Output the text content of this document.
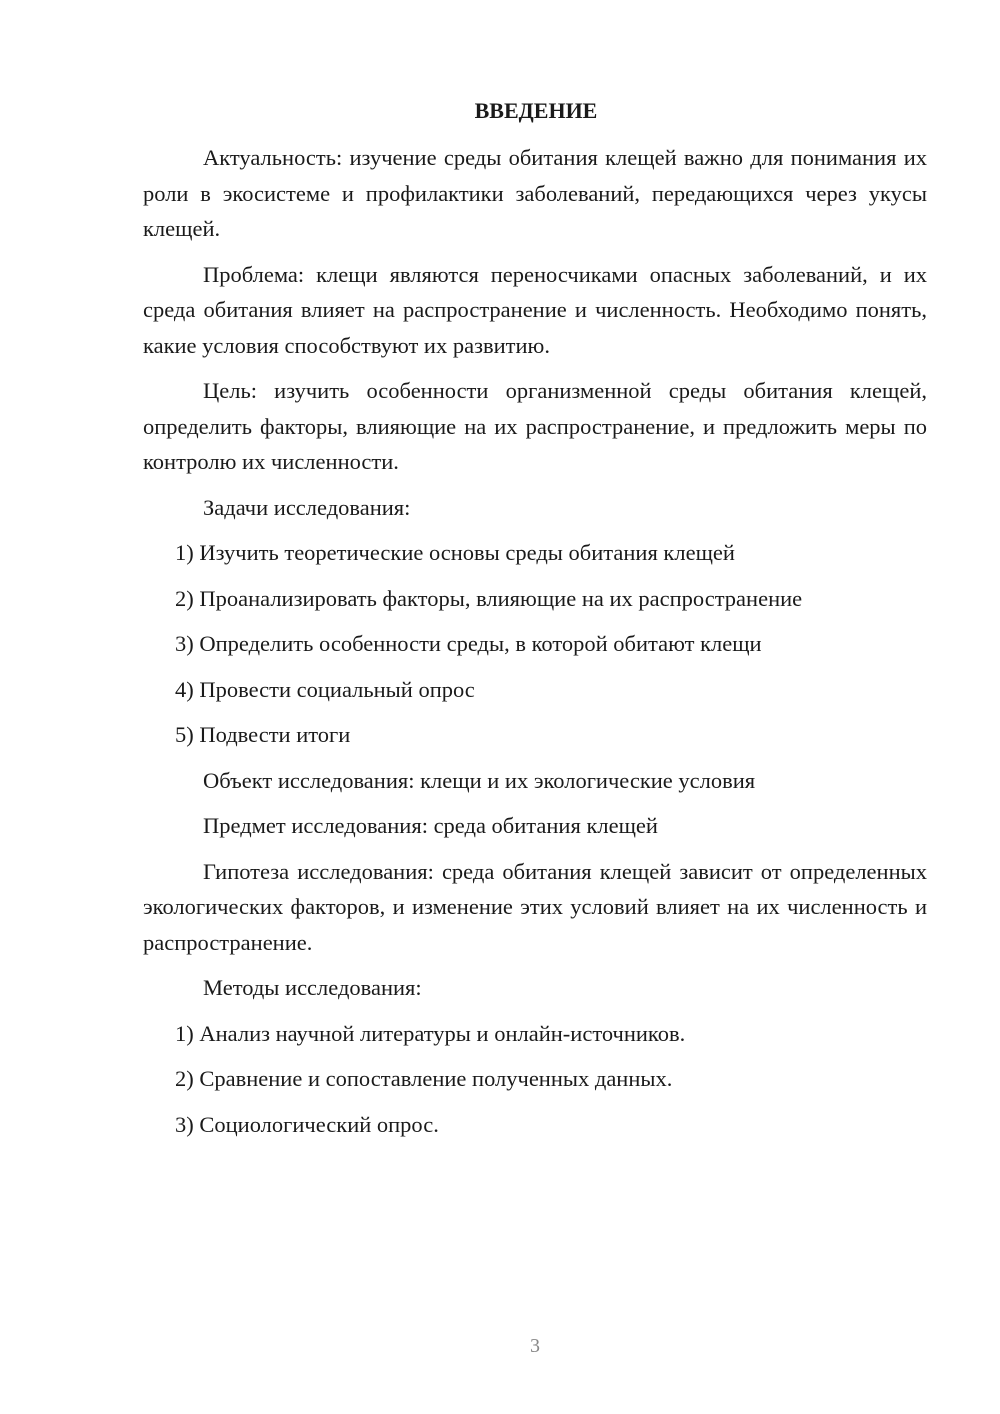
ВВЕДЕНИЕ

Актуальность: изучение среды обитания клещей важно для понимания их роли в экосистеме и профилактики заболеваний, передающихся через укусы клещей.

Проблема: клещи являются переносчиками опасных заболеваний, и их среда обитания влияет на распространение и численность. Необходимо понять, какие условия способствуют их развитию.

Цель: изучить особенности организменной среды обитания клещей, определить факторы, влияющие на их распространение, и предложить меры по контролю их численности.

Задачи исследования:
1) Изучить теоретические основы среды обитания клещей
2) Проанализировать факторы, влияющие на их распространение
3) Определить особенности среды, в которой обитают клещи
4) Провести социальный опрос
5) Подвести итоги
Объект исследования: клещи и их экологические условия
Предмет исследования: среда обитания клещей

Гипотеза исследования: среда обитания клещей зависит от определенных экологических факторов, и изменение этих условий влияет на их численность и распространение.

Методы исследования:
1) Анализ научной литературы и онлайн-источников.
2) Сравнение и сопоставление полученных данных.
3) Социологический опрос.
3
